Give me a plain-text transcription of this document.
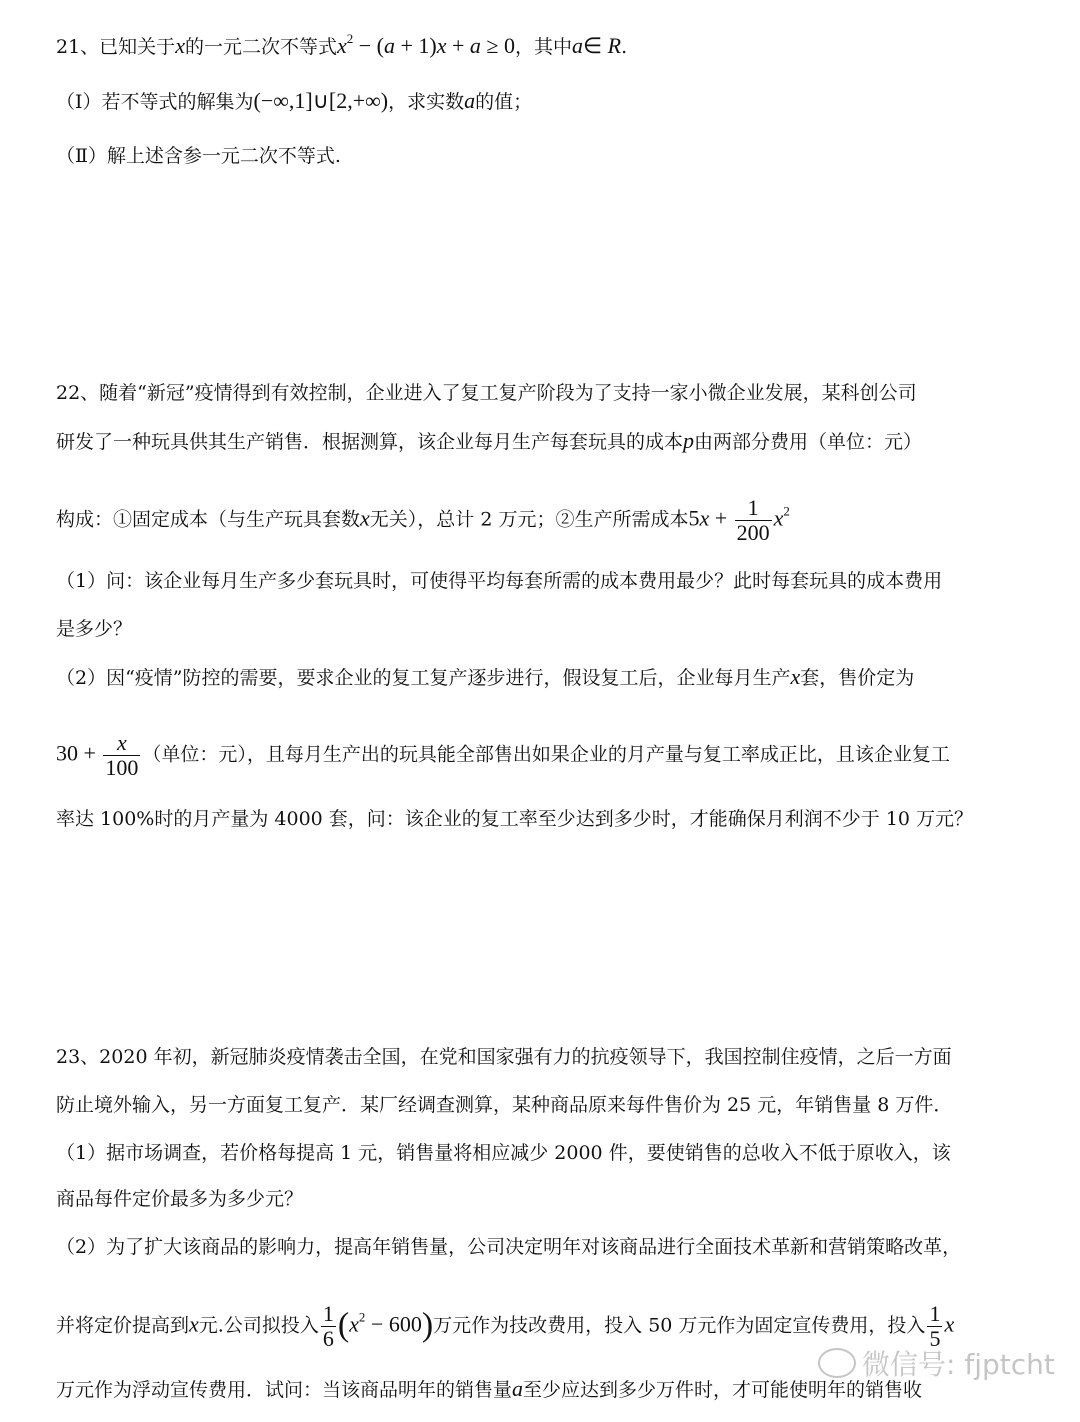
21、已知关于x的一元二次不等式$x^2 - (a + 1)x + a \ge 0$，其中a∈ R.
（Ⅰ）若不等式的解集为(−∞,1]∪[2,+∞)，求实数a的值；
（Ⅱ）解上述含参一元二次不等式.
22、随着“新冠”疫情得到有效控制，企业进入了复工复产阶段为了支持一家小微企业发展，某科创公司
研发了一种玩具供其生产销售．根据测算，该企业每月生产每套玩具的成本p由两部分费用（单位：元）
构成：①固定成本（与生产玩具套数x无关），总计 2 万元；②生产所需成本$5x + \frac{1}{200} x^2$
（1）问：该企业每月生产多少套玩具时，可使得平均每套所需的成本费用最少？此时每套玩具的成本费用
是多少？
（2）因“疫情”防控的需要，要求企业的复工复产逐步进行，假设复工后，企业每月生产x套，售价定为
$30 + \frac{x}{100}$ （单位：元），且每月生产出的玩具能全部售出如果企业的月产量与复工率成正比，且该企业复工
率达 100%时的月产量为 4000 套，问：该企业的复工率至少达到多少时，才能确保月利润不少于 10 万元？
23、2020 年初，新冠肺炎疫情袭击全国，在党和国家强有力的抗疫领导下，我国控制住疫情，之后一方面
防止境外输入，另一方面复工复产．某厂经调查测算，某种商品原来每件售价为 25 元，年销售量 8 万件．
（1）据市场调查，若价格每提高 1 元，销售量将相应减少 2000 件，要使销售的总收入不低于原收入，该
商品每件定价最多为多少元？
（2）为了扩大该商品的影响力，提高年销售量，公司决定明年对该商品进行全面技术革新和营销策略改革，
并将定价提高到x元.公司拟投入 $\frac{1}{6} (x^2 - 600)$万元作为技改费用，投入 50 万元作为固定宣传费用，投入 $\frac{1}{5}$ x
万元作为浮动宣传费用．试问：当该商品明年的销售量a至少应达到多少万件时，才可能使明年的销售收
微信号: fjptcht
